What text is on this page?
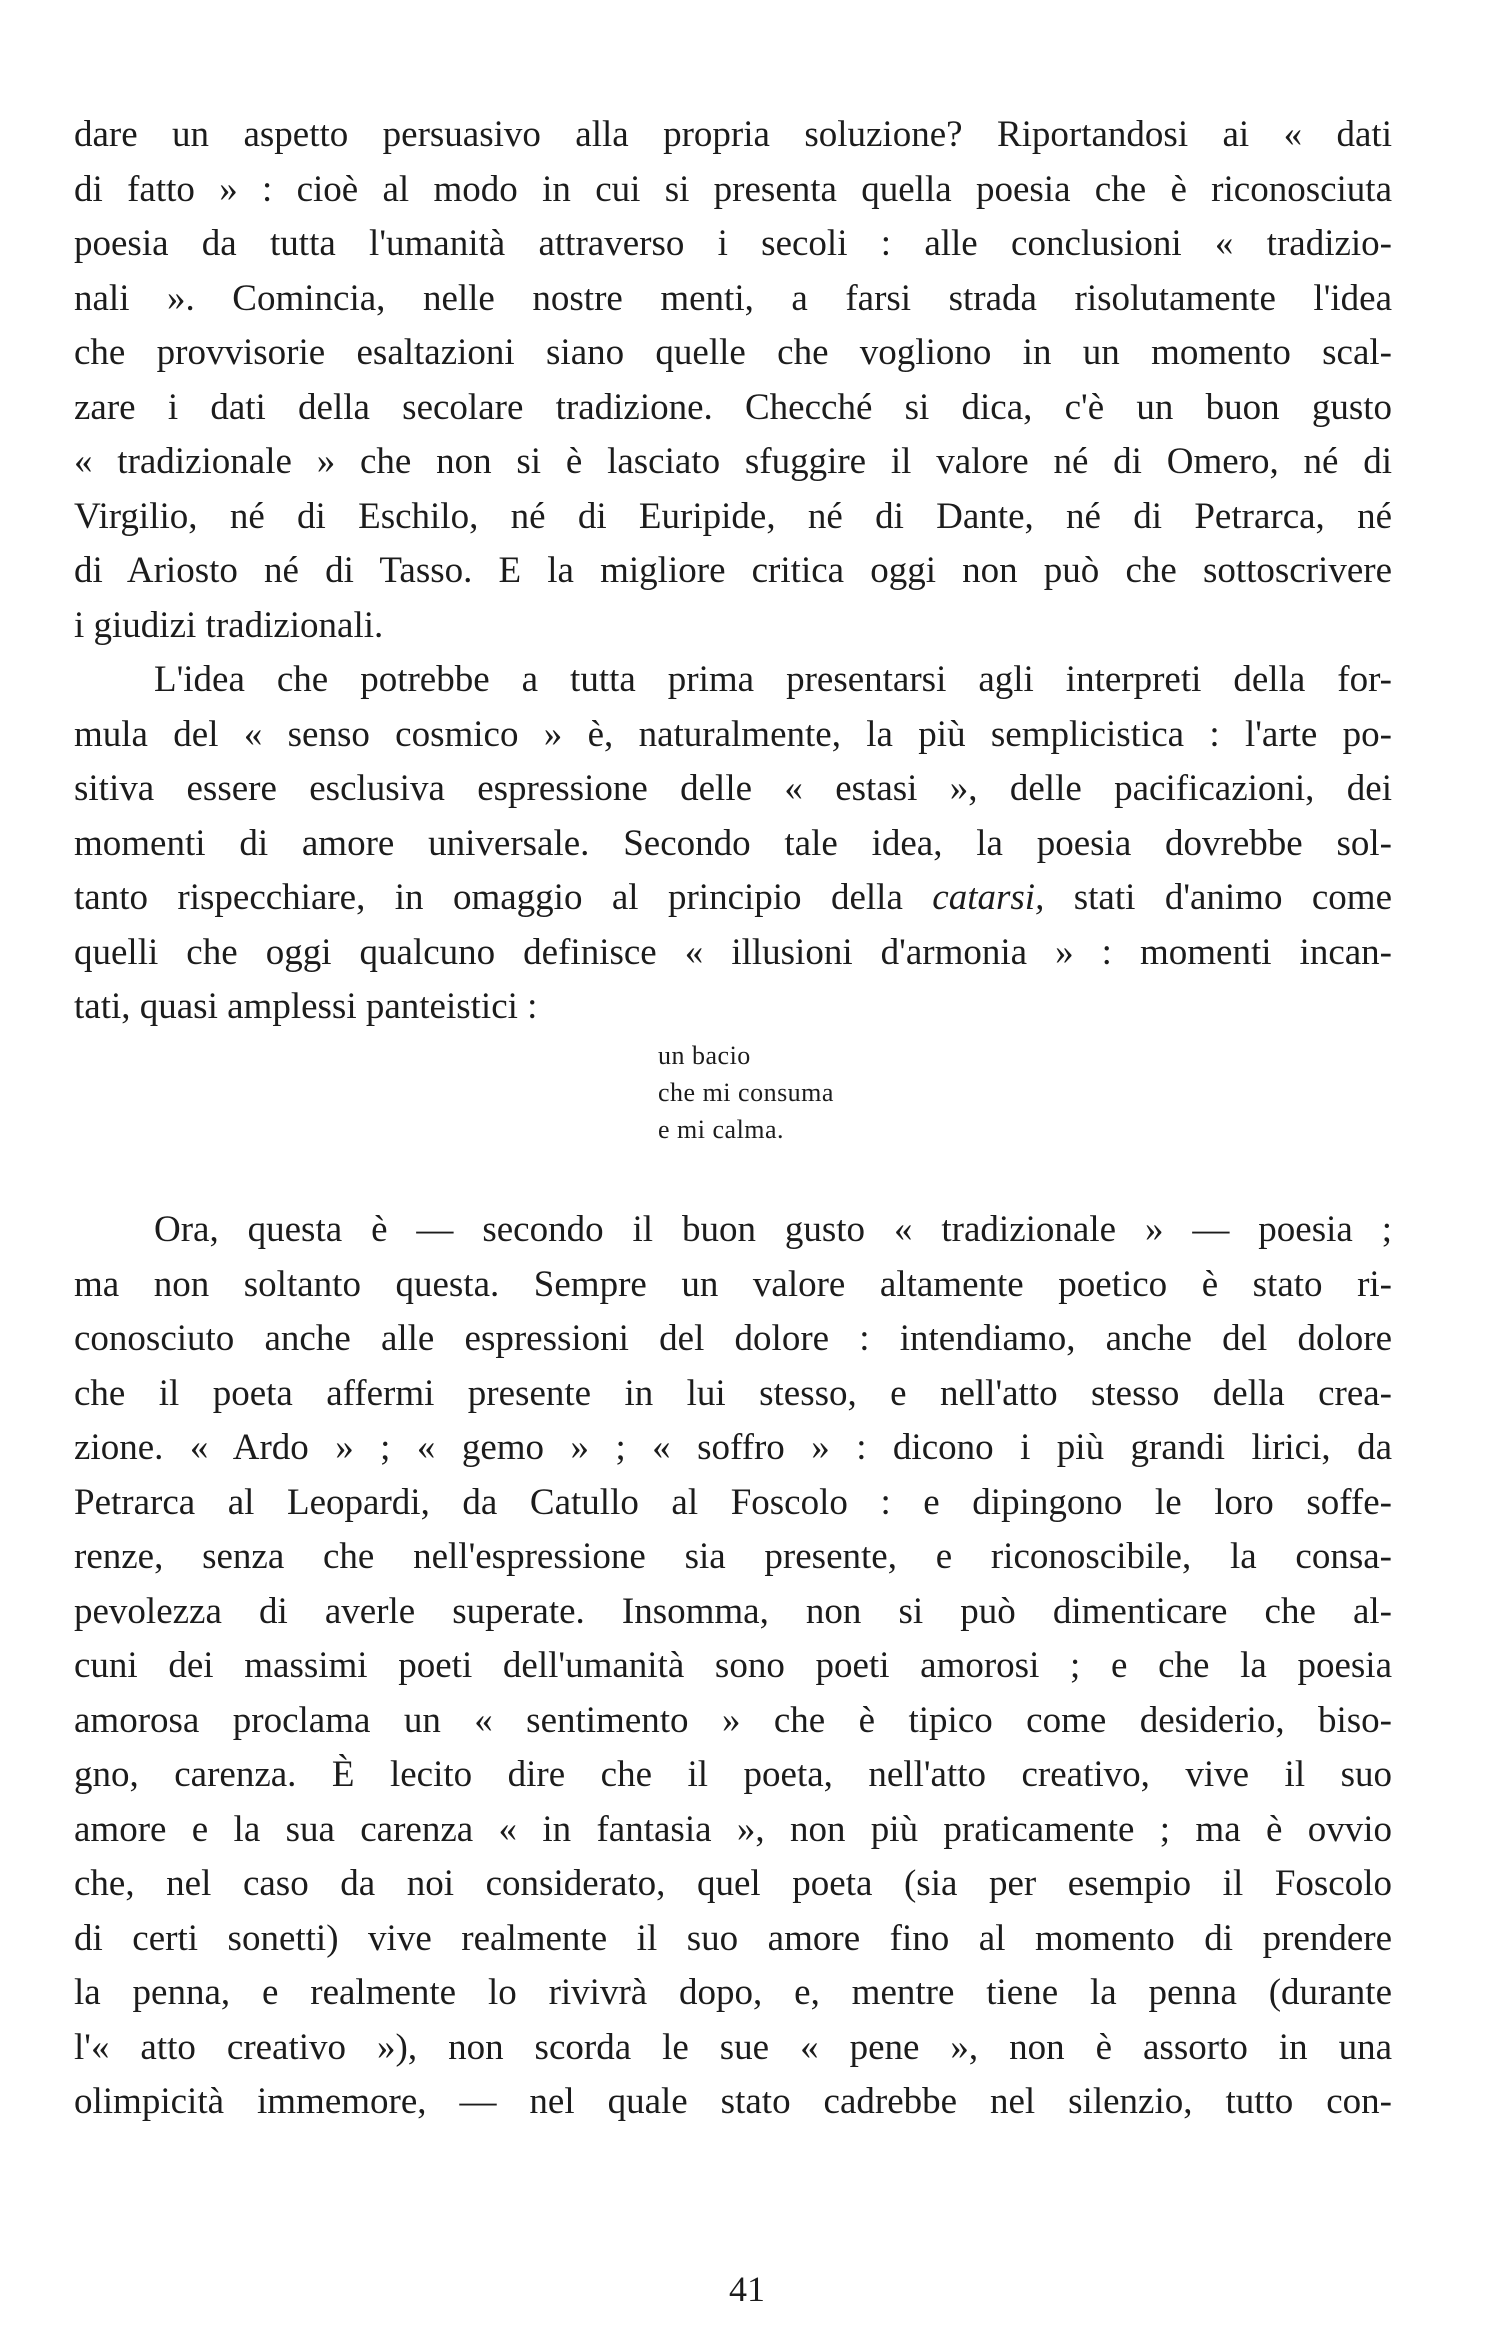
dare un aspetto persuasivo alla propria soluzione? Riportandosi ai « dati
di fatto » : cioè al modo in cui si presenta quella poesia che è riconosciuta
poesia da tutta l'umanità attraverso i secoli : alle conclusioni « tradizio-
nali ». Comincia, nelle nostre menti, a farsi strada risolutamente l'idea
che provvisorie esaltazioni siano quelle che vogliono in un momento scal-
zare i dati della secolare tradizione. Checché si dica, c'è un buon gusto
« tradizionale » che non si è lasciato sfuggire il valore né di Omero, né di
Virgilio, né di Eschilo, né di Euripide, né di Dante, né di Petrarca, né
di Ariosto né di Tasso. E la migliore critica oggi non può che sottoscrivere
i giudizi tradizionali.
L'idea che potrebbe a tutta prima presentarsi agli interpreti della for-
mula del « senso cosmico » è, naturalmente, la più semplicistica : l'arte po-
sitiva essere esclusiva espressione delle « estasi », delle pacificazioni, dei
momenti di amore universale. Secondo tale idea, la poesia dovrebbe sol-
tanto rispecchiare, in omaggio al principio della catarsi, stati d'animo come
quelli che oggi qualcuno definisce « illusioni d'armonia » : momenti incan-
tati, quasi amplessi panteistici :
un bacio
che mi consuma
e mi calma.
Ora, questa è — secondo il buon gusto « tradizionale » — poesia ;
ma non soltanto questa. Sempre un valore altamente poetico è stato ri-
conosciuto anche alle espressioni del dolore : intendiamo, anche del dolore
che il poeta affermi presente in lui stesso, e nell'atto stesso della crea-
zione. « Ardo » ; « gemo » ; « soffro » : dicono i più grandi lirici, da
Petrarca al Leopardi, da Catullo al Foscolo : e dipingono le loro soffe-
renze, senza che nell'espressione sia presente, e riconoscibile, la consa-
pevolezza di averle superate. Insomma, non si può dimenticare che al-
cuni dei massimi poeti dell'umanità sono poeti amorosi ; e che la poesia
amorosa proclama un « sentimento » che è tipico come desiderio, biso-
gno, carenza. È lecito dire che il poeta, nell'atto creativo, vive il suo
amore e la sua carenza « in fantasia », non più praticamente ; ma è ovvio
che, nel caso da noi considerato, quel poeta (sia per esempio il Foscolo
di certi sonetti) vive realmente il suo amore fino al momento di prendere
la penna, e realmente lo rivivrà dopo, e, mentre tiene la penna (durante
l'« atto creativo »), non scorda le sue « pene », non è assorto in una
olimpicità immemore, — nel quale stato cadrebbe nel silenzio, tutto con-
41
